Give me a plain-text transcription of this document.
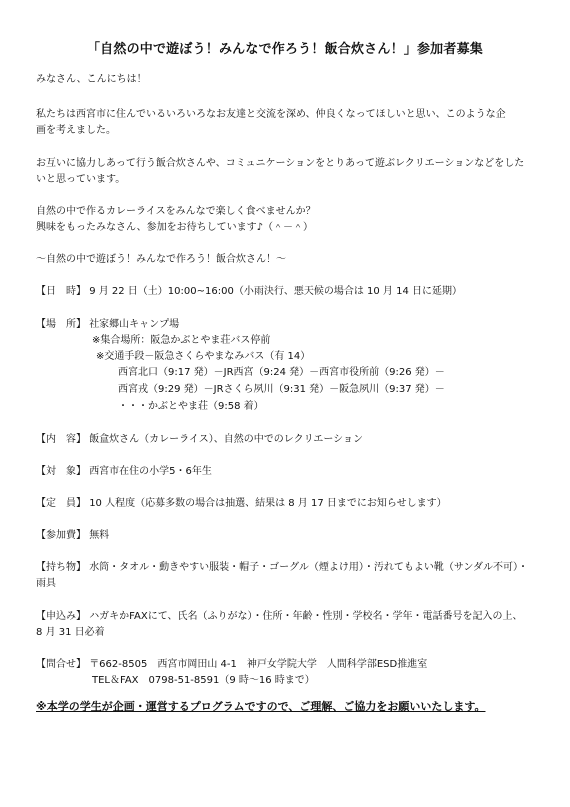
「自然の中で遊ぼう！みんなで作ろう！飯合炊さん！」参加者募集
みなさん、こんにちは！
私たちは西宮市に住んでいるいろいろなお友達と交流を深め、仲良くなってほしいと思い、このような企
画を考えました。
お互いに協力しあって行う飯合炊さんや、コミュニケーションをとりあって遊ぶレクリエーションなどをした
いと思っています。
自然の中で作るカレーライスをみんなで楽しく食べませんか？
興味をもったみなさん、参加をお待ちしています♪（＾－＾）
～自然の中で遊ぼう！みんなで作ろう！飯合炊さん！～
【日　時】 9 月 22 日（土）10:00~16:00（小雨決行、悪天候の場合は 10 月 14 日に延期）
【場　所】 社家郷山キャンプ場
※集合場所：阪急かぶとやま荘バス停前
※交通手段－阪急さくらやまなみバス（有 14）
西宮北口（9:17 発）－JR西宮（9:24 発）－西宮市役所前（9:26 発）－
西宮戎（9:29 発）－JRさくら夙川（9:31 発）－阪急夙川（9:37 発）－
・・・かぶとやま荘（9:58 着）
【内　容】 飯盒炊さん（カレーライス）、自然の中でのレクリエーション
【対　象】 西宮市在住の小学5・6年生
【定　員】 10 人程度（応募多数の場合は抽選、結果は 8 月 17 日までにお知らせします）
【参加費】 無料
【持ち物】 水筒・タオル・動きやすい服装・帽子・ゴーグル（煙よけ用）・汚れてもよい靴（サンダル不可）・
雨具
【申込み】 ハガキかFAXにて、氏名（ふりがな）・住所・年齢・性別・学校名・学年・電話番号を記入の上、
8 月 31 日必着
【問合せ】 〒662-8505　西宮市岡田山 4-1　神戸女学院大学　人間科学部ESD推進室
TEL＆FAX　0798-51-8591（9 時～16 時まで）
※本学の学生が企画・運営するプログラムですので、ご理解、ご協力をお願いいたします。
